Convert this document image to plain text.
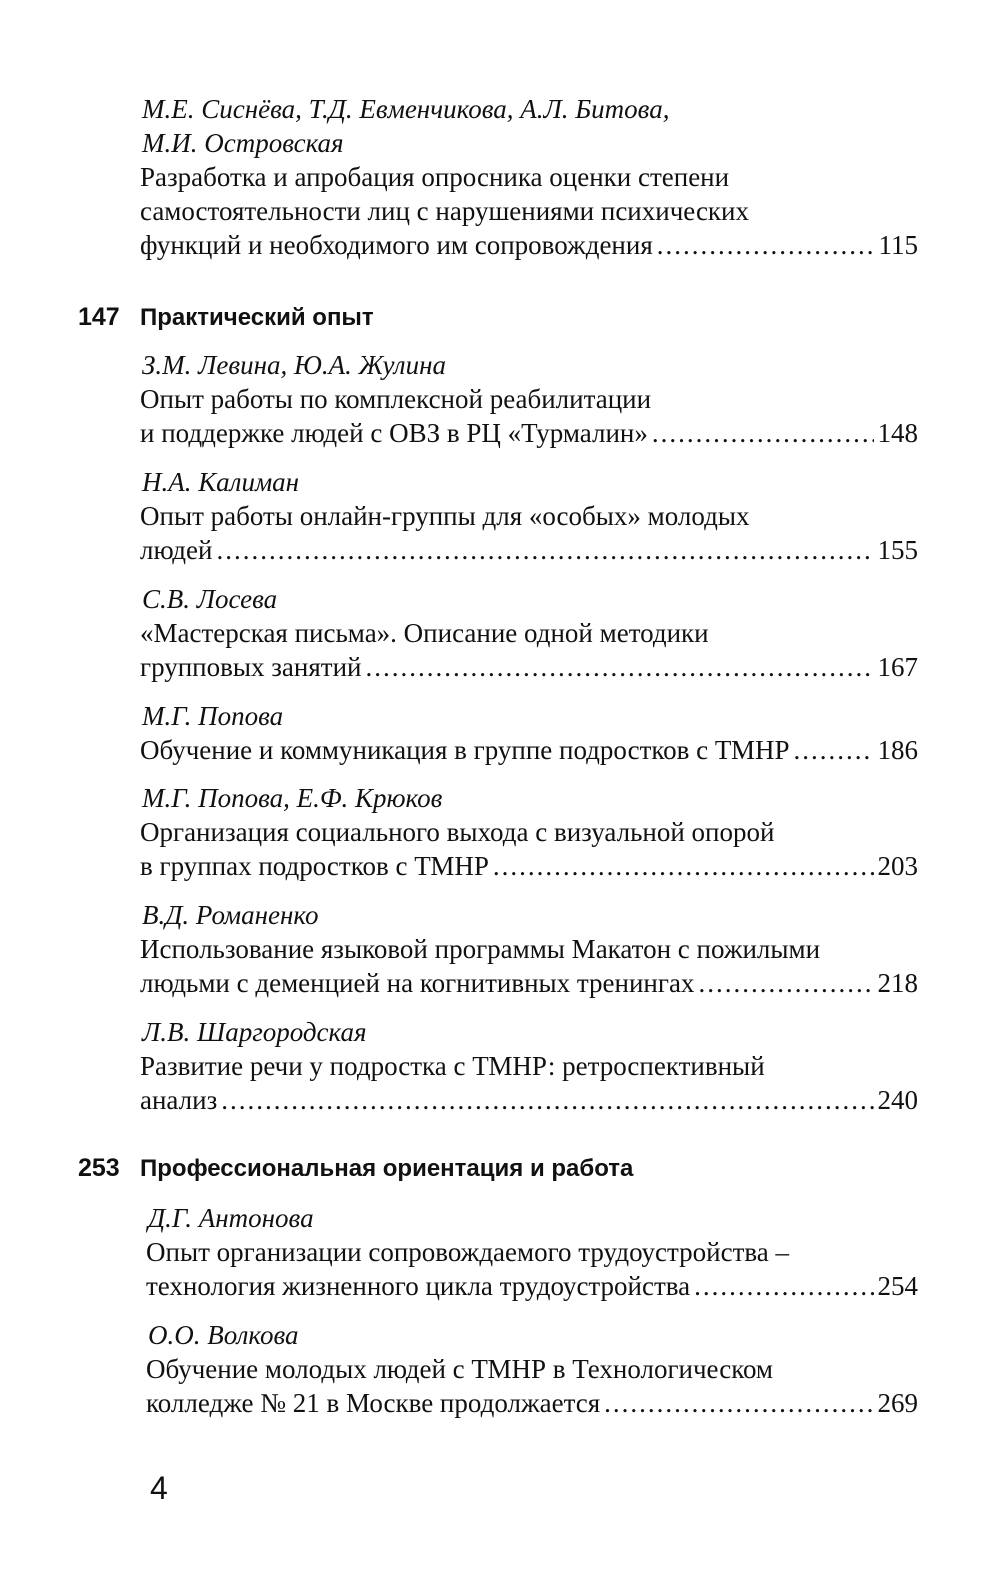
М.Е. Сиснёва, Т.Д. Евменчикова, А.Л. Битова,

М.И. Островская

Разработка и апробация опросника оценки степени

самостоятельности лиц с нарушениями психических

функций и необходимого им сопровождения .....	115
147 Практический опыт

З.М. Левина, Ю.А. Жулина

Опыт работы по комплексной реабилитации

и поддержке людей с ОВЗ в РЦ «Турмалин» .....	148

Н.А. Калиман

Опыт работы онлайн-группы для «особых» молодых

людей .....	155

С.В. Лосева

«Мастерская письма». Описание одной методики

групповых занятий .....	167

М.Г. Попова

Обучение и коммуникация в группе подростков с ТМНР .....	186

М.Г. Попова, Е.Ф. Крюков

Организация социального выхода с визуальной опорой

в группах подростков с ТМНР .....	203

В.Д. Романенко

Использование языковой программы Макатон с пожилыми

людьми с деменцией на когнитивных тренингах .....	218

Л.В. Шаргородская

Развитие речи у подростка с ТМНР: ретроспективный

анализ .....	240
253 Профессиональная ориентация и работа

Д.Г. Антонова

Опыт организации сопровождаемого трудоустройства –

технология жизненного цикла трудоустройства .....	254

О.О. Волкова

Обучение молодых людей с ТМНР в Технологическом

колледже № 21 в Москве продолжается .....	269
4
